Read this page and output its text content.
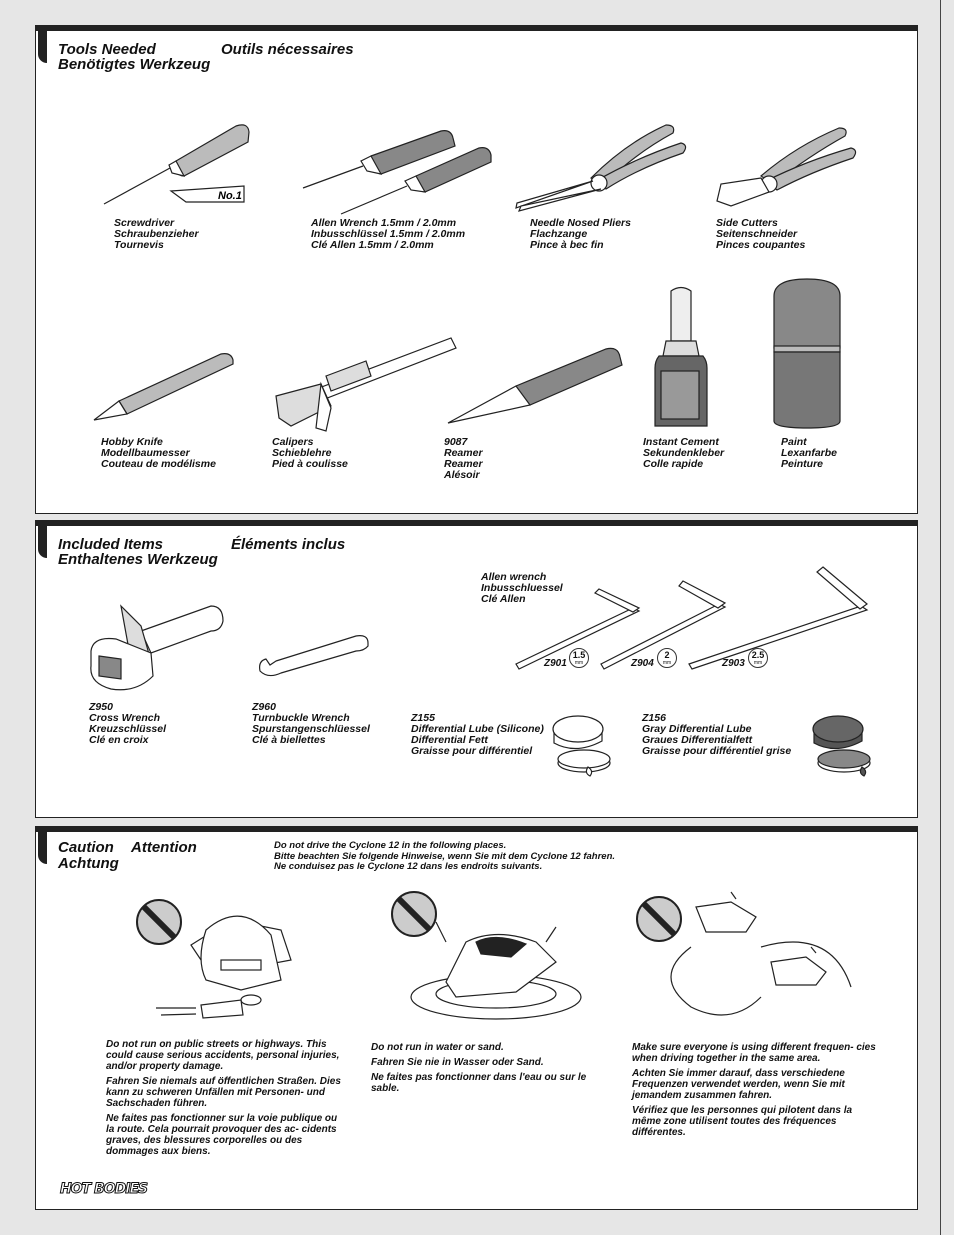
Tools Needed	Outils nécessaires
Benötigtes Werkzeug
No.1
Screwdriver
Schraubenzieher
Tournevis
Allen Wrench 1.5mm / 2.0mm
Inbusschlüssel 1.5mm / 2.0mm
Clé Allen 1.5mm / 2.0mm
Needle Nosed Pliers
Flachzange
Pince à bec fin
Side Cutters
Seitenschneider
Pinces coupantes
Hobby Knife
Modellbaumesser
Couteau de modélisme
Calipers
Schieblehre
Pied à coulisse
9087
Reamer
Reamer
Alésoir
Instant Cement
Sekundenkleber
Colle rapide
Paint
Lexanfarbe
Peinture
Included Items	Éléments inclus
Enthaltenes Werkzeug
Z950
Cross Wrench
Kreuzschlüssel
Clé en croix
Z960
Turnbuckle Wrench
Spurstangenschlüessel
Clé à biellettes
Allen wrench
Inbusschluessel
Clé Allen
Z901
1.5
mm	Z904
2
mm	Z903
2.5
mm
Z155
Differential Lube (Silicone)
Differential Fett
Graisse pour différentiel
Z156
Gray Differential Lube
Graues Differentialfett
Graisse pour différentiel grise
Caution Attention
Achtung
Do not drive the Cyclone 12 in the following places.
Bitte beachten Sie folgende Hinweise, wenn Sie mit dem Cyclone 12 fahren.
Ne conduisez pas le Cyclone 12 dans les endroits suivants.

Do not run on public streets or highways. This could cause serious accidents, personal injuries, and/or property damage.

Fahren Sie niemals auf öffentlichen Straßen. Dies kann zu schweren Unfällen mit Personen- und Sachschaden führen.

Ne faites pas fonctionner sur la voie publique ou la route. Cela pourrait provoquer des ac- cidents graves, des blessures corporelles ou des dommages aux biens.

Do not run in water or sand.

Fahren Sie nie in Wasser oder Sand.

Ne faites pas fonctionner dans l'eau ou sur le sable.

Make sure everyone is using different frequen- cies when driving together in the same area.

Achten Sie immer darauf, dass verschiedene Frequenzen verwendet werden, wenn Sie mit jemandem zusammen fahren.

Vérifiez que les personnes qui pilotent dans la même zone utilisent toutes des fréquences différentes.

HOT BODIES
